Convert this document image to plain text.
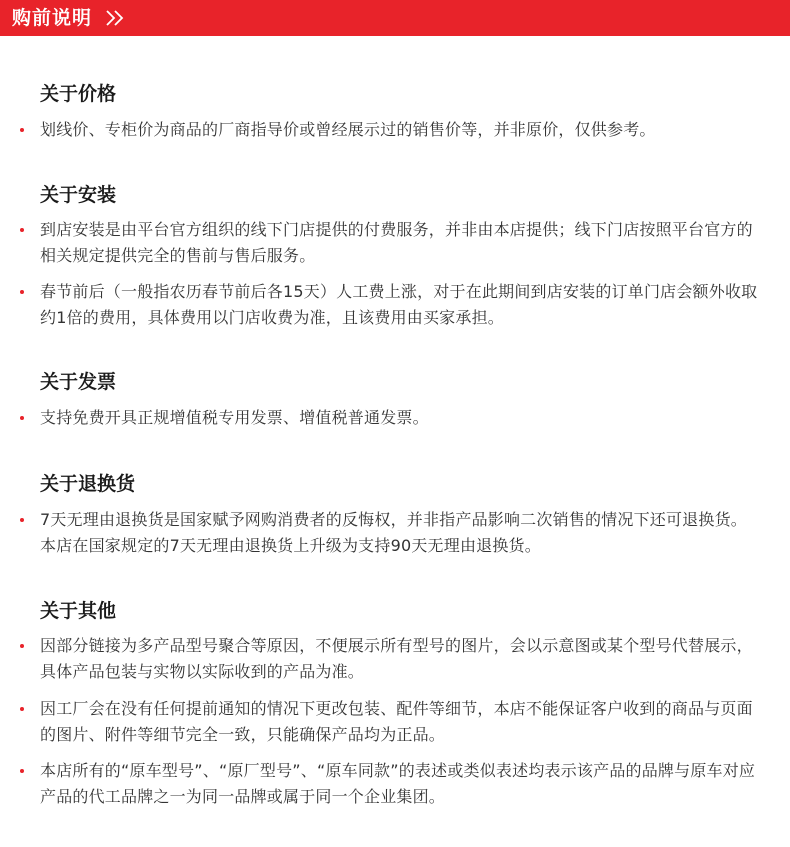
购前说明
关于价格
划线价、专柜价为商品的厂商指导价或曾经展示过的销售价等，并非原价，仅供参考。
关于安装
到店安装是由平台官方组织的线下门店提供的付费服务，并非由本店提供；线下门店按照平台官方的相关规定提供完全的售前与售后服务。
春节前后（一般指农历春节前后各15天）人工费上涨，对于在此期间到店安装的订单门店会额外收取约1倍的费用，具体费用以门店收费为准，且该费用由买家承担。
关于发票
支持免费开具正规增值税专用发票、增值税普通发票。
关于退换货
7天无理由退换货是国家赋予网购消费者的反悔权，并非指产品影响二次销售的情况下还可退换货。本店在国家规定的7天无理由退换货上升级为支持90天无理由退换货。
关于其他
因部分链接为多产品型号聚合等原因，不便展示所有型号的图片，会以示意图或某个型号代替展示，具体产品包装与实物以实际收到的产品为准。
因工厂会在没有任何提前通知的情况下更改包装、配件等细节，本店不能保证客户收到的商品与页面的图片、附件等细节完全一致，只能确保产品均为正品。
本店所有的“原车型号”、“原厂型号”、“原车同款”的表述或类似表述均表示该产品的品牌与原车对应产品的代工品牌之一为同一品牌或属于同一个企业集团。
